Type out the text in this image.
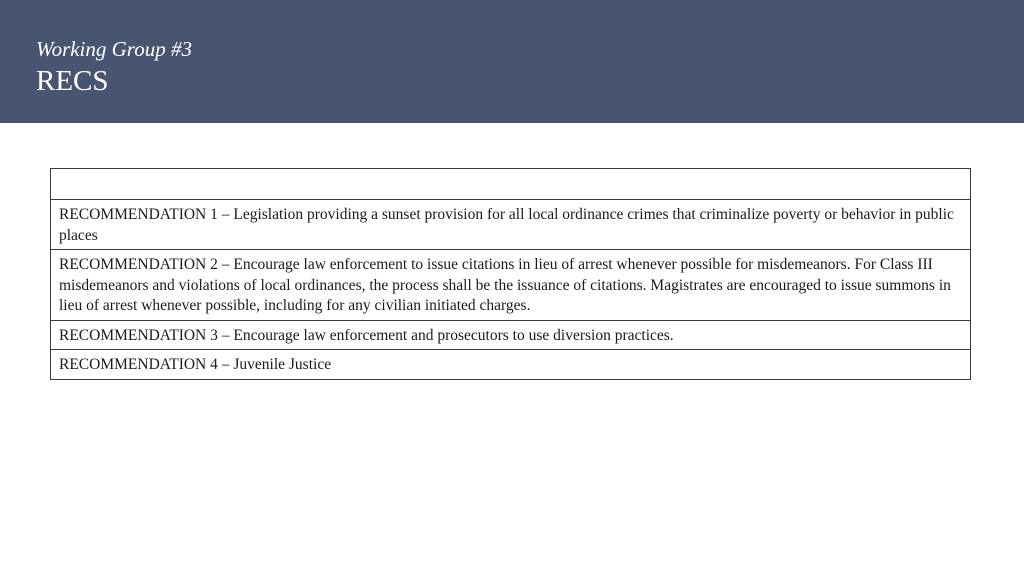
Working Group #3
RECS

RECOMMENDATION 1 – Legislation providing a sunset provision for all local ordinance crimes that criminalize poverty or behavior in public places
RECOMMENDATION 2 – Encourage law enforcement to issue citations in lieu of arrest whenever possible for misdemeanors. For Class III misdemeanors and violations of local ordinances, the process shall be the issuance of citations. Magistrates are encouraged to issue summons in lieu of arrest whenever possible, including for any civilian initiated charges.
RECOMMENDATION 3 – Encourage law enforcement and prosecutors to use diversion practices.
RECOMMENDATION 4 – Juvenile Justice
